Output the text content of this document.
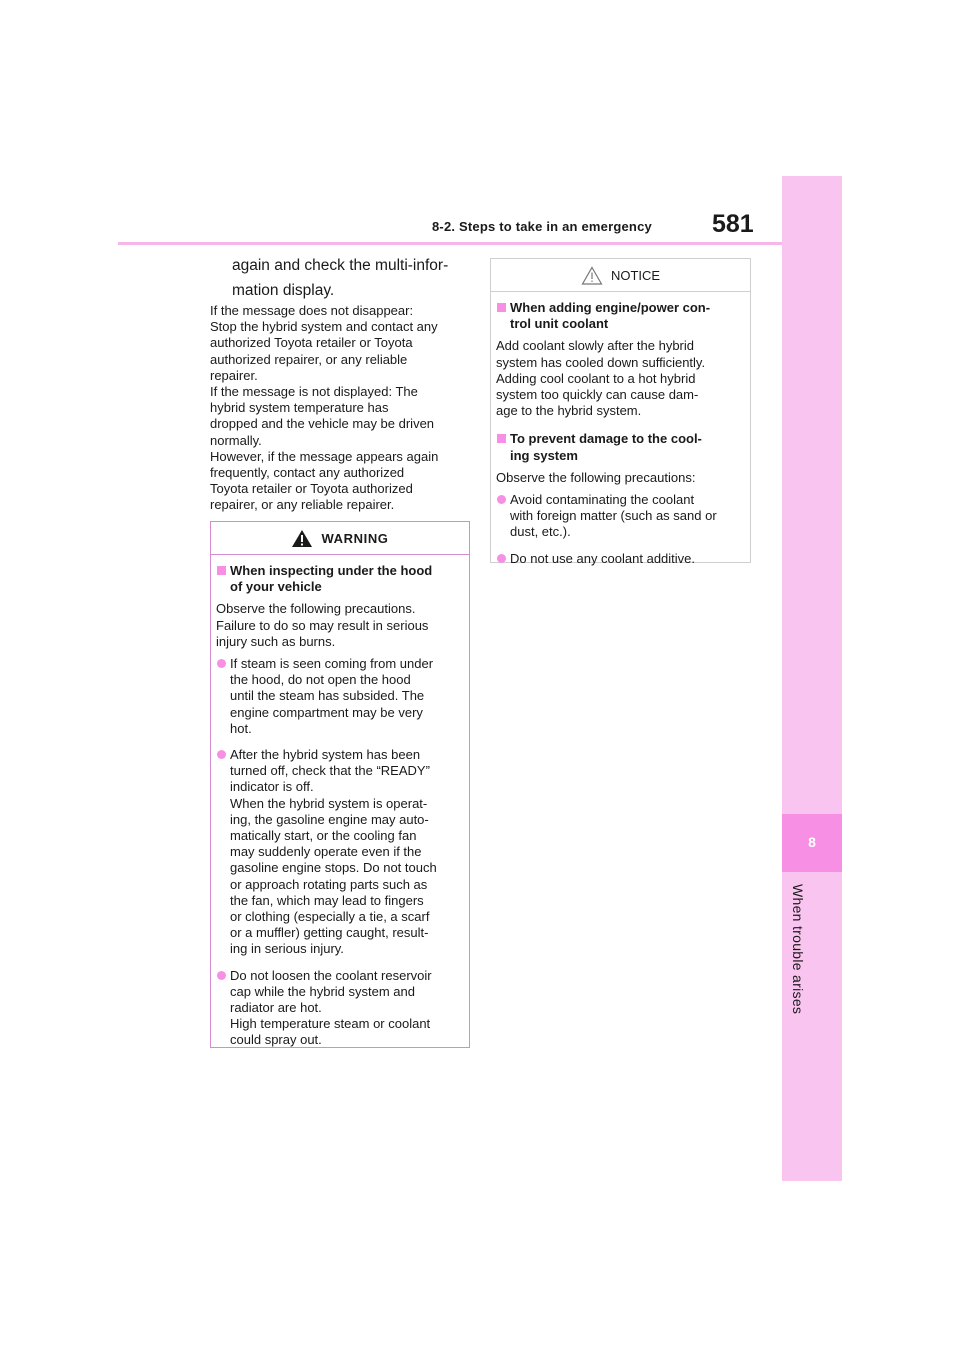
8-2. Steps to take in an emergency 581
8
When trouble arises
again and check the multi-infor-
mation display.
If the message does not disappear:
Stop the hybrid system and contact any
authorized Toyota retailer or Toyota
authorized repairer, or any reliable
repairer.
If the message is not displayed: The
hybrid system temperature has
dropped and the vehicle may be driven
normally.
However, if the message appears again
frequently, contact any authorized
Toyota retailer or Toyota authorized
repairer, or any reliable repairer.
WARNING
When inspecting under the hood
of your vehicle
Observe the following precautions.
Failure to do so may result in serious
injury such as burns.
If steam is seen coming from under
the hood, do not open the hood
until the steam has subsided. The
engine compartment may be very
hot.
After the hybrid system has been
turned off, check that the “READY”
indicator is off.
When the hybrid system is operat-
ing, the gasoline engine may auto-
matically start, or the cooling fan
may suddenly operate even if the
gasoline engine stops. Do not touch
or approach rotating parts such as
the fan, which may lead to fingers
or clothing (especially a tie, a scarf
or a muffler) getting caught, result-
ing in serious injury.
Do not loosen the coolant reservoir
cap while the hybrid system and
radiator are hot.
High temperature steam or coolant
could spray out.
NOTICE
When adding engine/power con-
trol unit coolant
Add coolant slowly after the hybrid
system has cooled down sufficiently.
Adding cool coolant to a hot hybrid
system too quickly can cause dam-
age to the hybrid system.
To prevent damage to the cool-
ing system
Observe the following precautions:
Avoid contaminating the coolant
with foreign matter (such as sand or
dust, etc.).
Do not use any coolant additive.
